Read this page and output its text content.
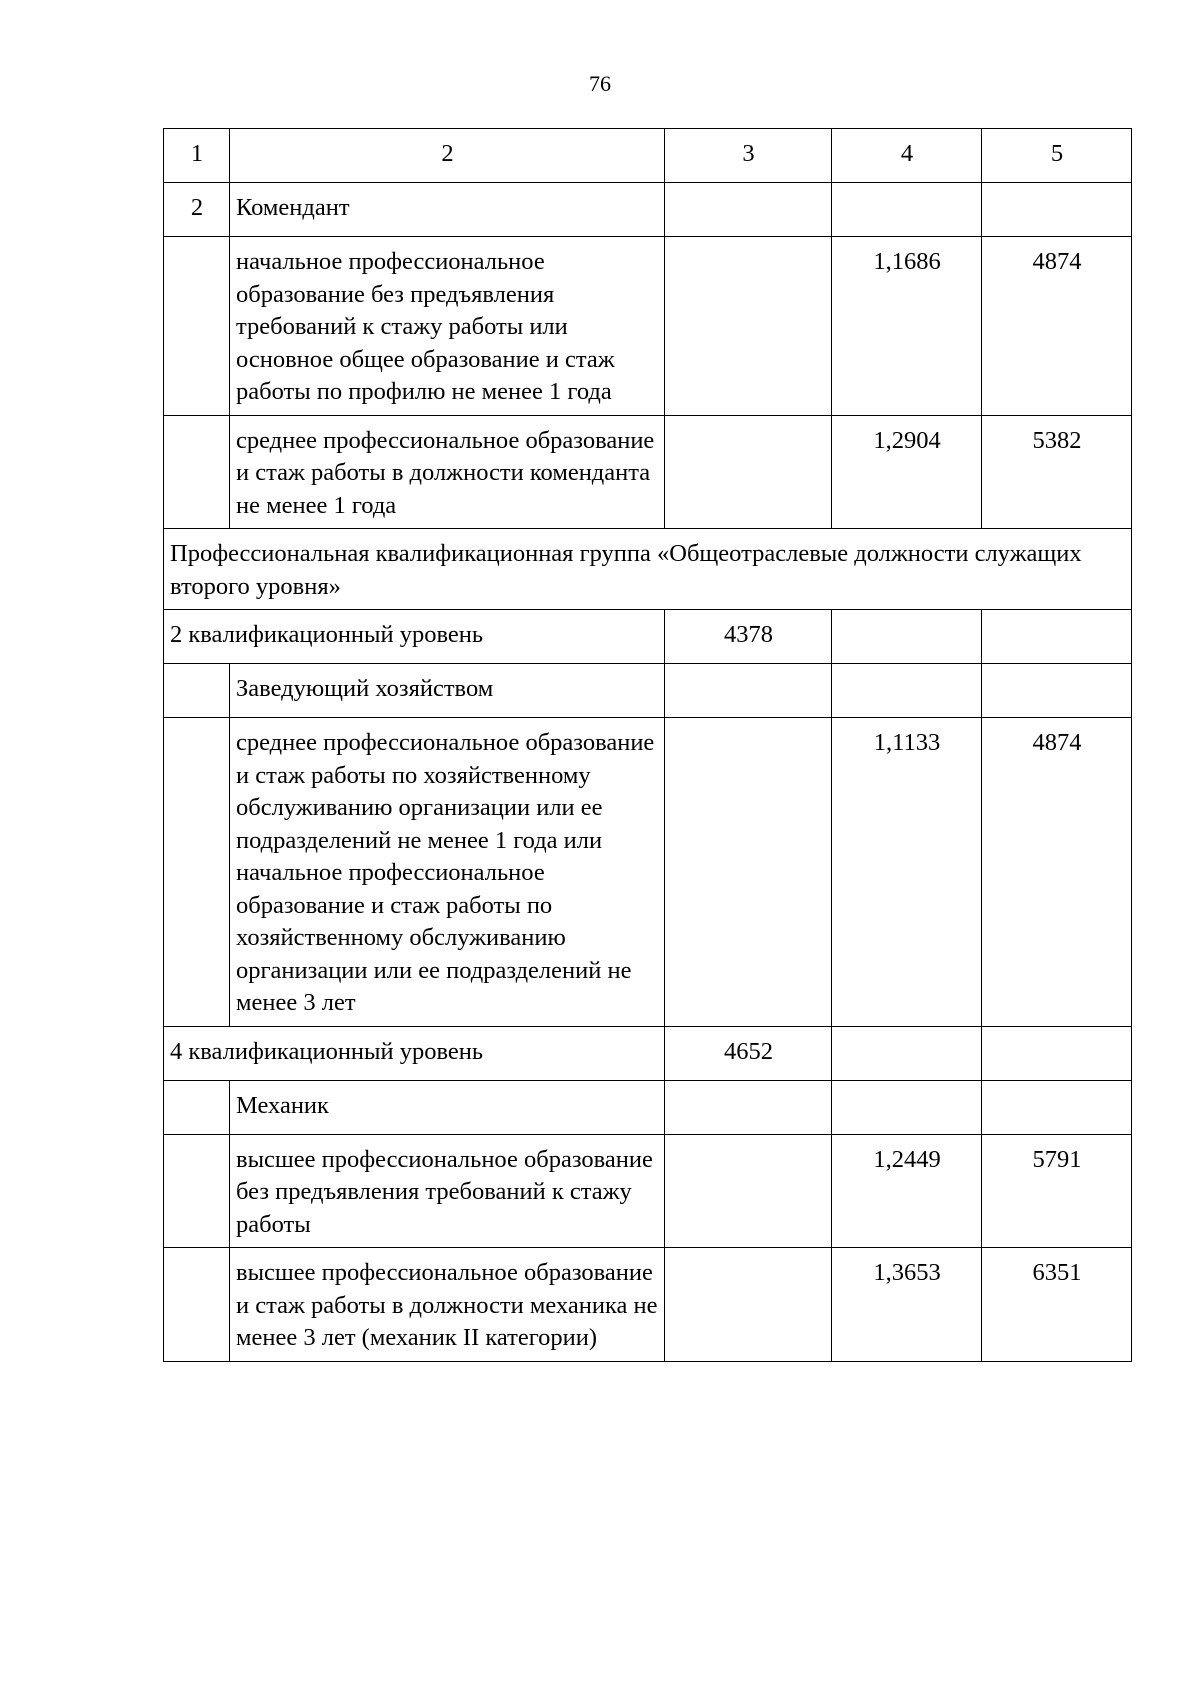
76
1	2	3	4	5
2	Комендант			
	начальное профессиональное образование без предъявления требований к стажу работы или основное общее образование и стаж работы по профилю не менее 1 года		1,1686	4874
	среднее профессиональное образование и стаж работы в должности коменданта не менее 1 года		1,2904	5382
Профессиональная квалификационная группа «Общеотраслевые должности служащих второго уровня»				
2 квалификационный уровень		4378		
	Заведующий хозяйством			
	среднее профессиональное образование и стаж работы по хозяйственному обслуживанию организации или ее подразделений не менее 1 года или начальное профессиональное образование и стаж работы по хозяйственному обслуживанию организации или ее подразделений не менее 3 лет		1,1133	4874
4 квалификационный уровень		4652		
	Механик			
	высшее профессиональное образование без предъявления требований к стажу работы		1,2449	5791
	высшее профессиональное образование и стаж работы в должности механика не менее 3 лет (механик II категории)		1,3653	6351
